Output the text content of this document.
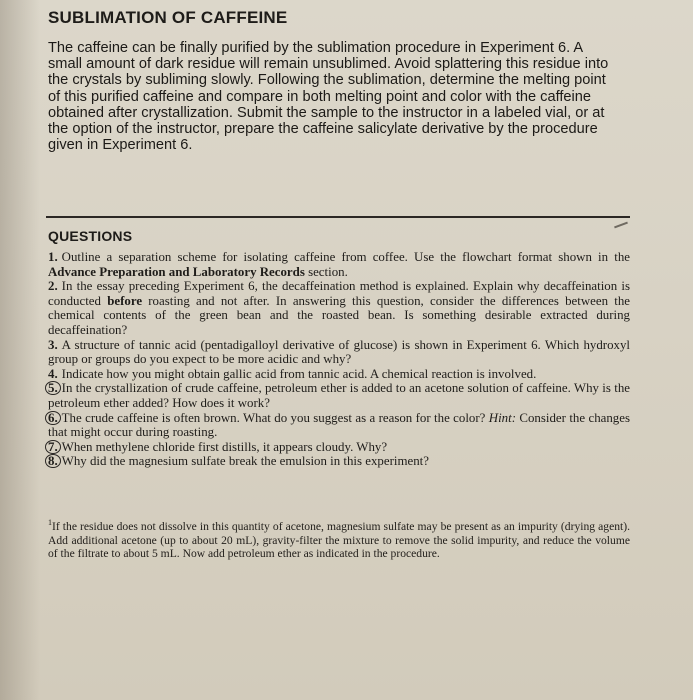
SUBLIMATION OF CAFFEINE

The caffeine can be finally purified by the sublimation procedure in Experiment 6. A
small amount of dark residue will remain unsublimed. Avoid splattering this residue into
the crystals by subliming slowly. Following the sublimation, determine the melting point
of this purified caffeine and compare in both melting point and color with the caffeine
obtained after crystallization. Submit the sample to the instructor in a labeled vial, or at
the option of the instructor, prepare the caffeine salicylate derivative by the procedure
given in Experiment 6.

QUESTIONS
1. Outline a separation scheme for isolating caffeine from coffee. Use the flowchart format shown in the Advance Preparation and Laboratory Records section.
2. In the essay preceding Experiment 6, the decaffeination method is explained. Explain why decaffeination is conducted before roasting and not after. In answering this question, consider the differences between the chemical contents of the green bean and the roasted bean. Is something desirable extracted during decaffeination?
3. A structure of tannic acid (pentadigalloyl derivative of glucose) is shown in Experiment 6. Which hydroxyl group or groups do you expect to be more acidic and why?
4. Indicate how you might obtain gallic acid from tannic acid. A chemical reaction is involved.
5. In the crystallization of crude caffeine, petroleum ether is added to an acetone solution of caffeine. Why is the petroleum ether added? How does it work?
6. The crude caffeine is often brown. What do you suggest as a reason for the color? Hint: Consider the changes that might occur during roasting.
7. When methylene chloride first distills, it appears cloudy. Why?
8. Why did the magnesium sulfate break the emulsion in this experiment?

$^1$If the residue does not dissolve in this quantity of acetone, magnesium sulfate may be present as an impurity (drying agent). Add additional acetone (up to about 20 mL), gravity-filter the mixture to remove the solid impurity, and reduce the volume of the filtrate to about 5 mL. Now add petroleum ether as indicated in the procedure.
